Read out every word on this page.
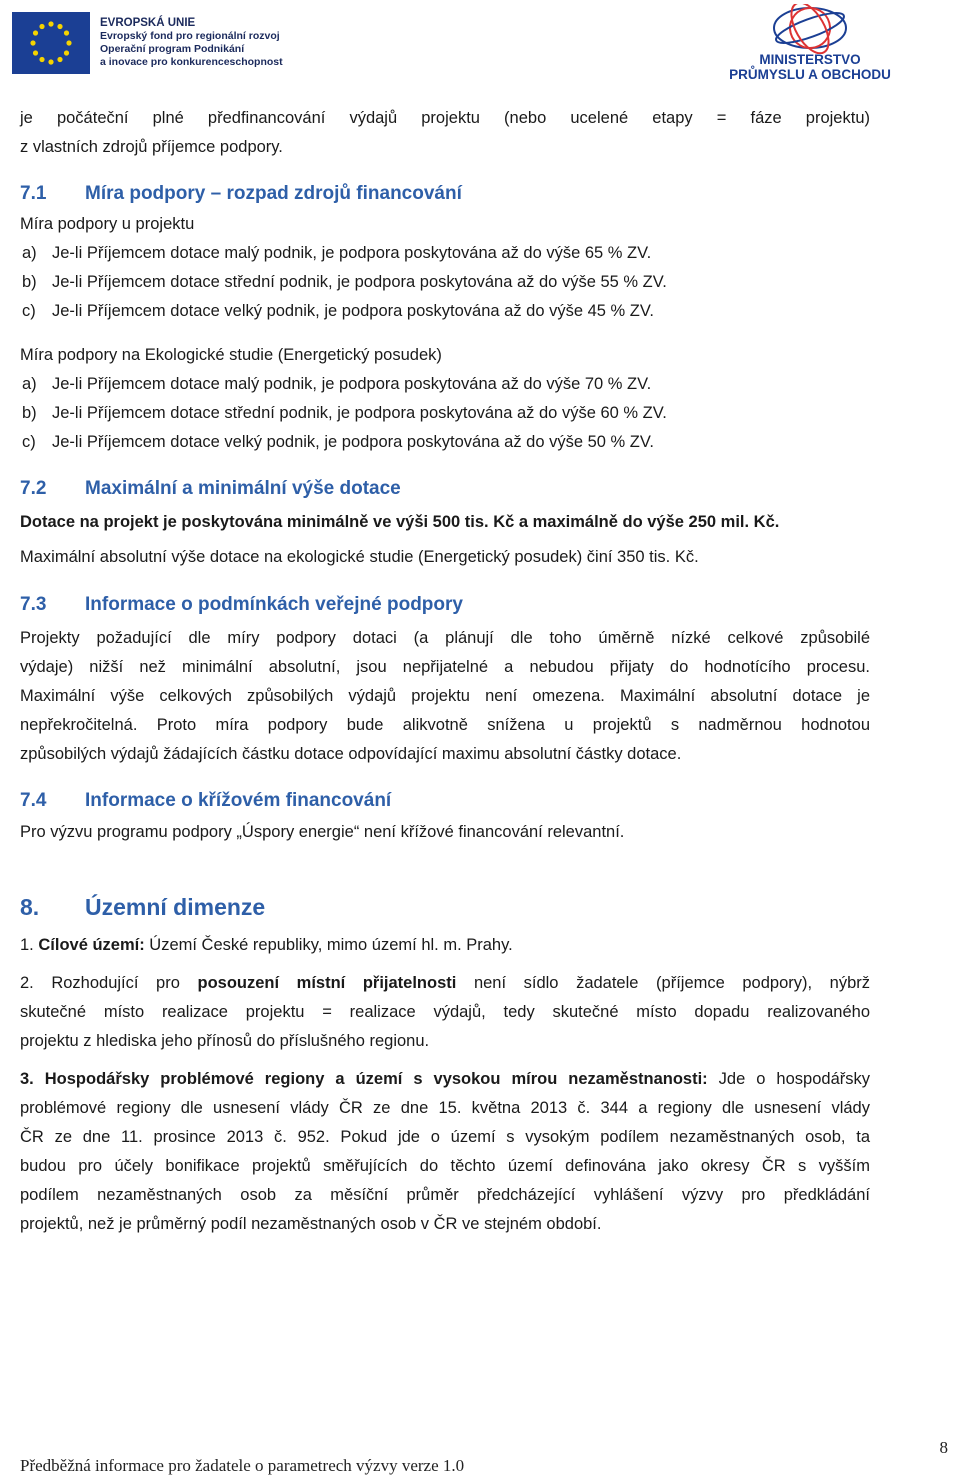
EVROPSKÁ UNIE
Evropský fond pro regionální rozvoj
Operační program Podnikání
a inovace pro konkurenceschopnost	MINISTERSTVO
PRŮMYSLU A OBCHODU

je počáteční plné předfinancování výdajů projektu (nebo ucelené etapy = fáze projektu)

z vlastních zdrojů příjemce podpory.

7.1	Míra podpory – rozpad zdrojů financování

Míra podpory u projektu

a) Je-li Příjemcem dotace malý podnik, je podpora poskytována až do výše 65 % ZV.
b) Je-li Příjemcem dotace střední podnik, je podpora poskytována až do výše 55 % ZV.
c) Je-li Příjemcem dotace velký podnik, je podpora poskytována až do výše 45 % ZV.

Míra podpory na Ekologické studie (Energetický posudek)

a) Je-li Příjemcem dotace malý podnik, je podpora poskytována až do výše 70 % ZV.
b) Je-li Příjemcem dotace střední podnik, je podpora poskytována až do výše 60 % ZV.
c) Je-li Příjemcem dotace velký podnik, je podpora poskytována až do výše 50 % ZV.
7.2	Maximální a minimální výše dotace

Dotace na projekt je poskytována minimálně ve výši 500 tis. Kč a maximálně do výše 250 mil. Kč.

Maximální absolutní výše dotace na ekologické studie (Energetický posudek) činí 350 tis. Kč.

7.3	Informace o podmínkách veřejné podpory

Projekty požadující dle míry podpory dotaci (a plánují dle toho úměrně nízké celkové způsobilé

výdaje) nižší než minimální absolutní, jsou nepřijatelné a nebudou přijaty do hodnotícího procesu.

Maximální výše celkových způsobilých výdajů projektu není omezena. Maximální absolutní dotace je

nepřekročitelná. Proto míra podpory bude alikvotně snížena u projektů s nadměrnou hodnotou

způsobilých výdajů žádajících částku dotace odpovídající maximu absolutní částky dotace.

7.4	Informace o křížovém financování

Pro výzvu programu podpory „Úspory energie“ není křížové financování relevantní.

8.	Územní dimenze

1. Cílové území: Území České republiky, mimo území hl. m. Prahy.

2. Rozhodující pro posouzení místní přijatelnosti není sídlo žadatele (příjemce podpory), nýbrž

skutečné místo realizace projektu = realizace výdajů, tedy skutečné místo dopadu realizovaného

projektu z hlediska jeho přínosů do příslušného regionu.

3. Hospodářsky problémové regiony a území s vysokou mírou nezaměstnanosti: Jde o hospodářsky

problémové regiony dle usnesení vlády ČR ze dne 15. května 2013 č. 344 a regiony dle usnesení vlády

ČR ze dne 11. prosince 2013 č. 952. Pokud jde o území s vysokým podílem nezaměstnaných osob, ta

budou pro účely bonifikace projektů směřujících do těchto území definována jako okresy ČR s vyšším

podílem nezaměstnaných osob za měsíční průměr předcházející vyhlášení výzvy pro předkládání

projektů, než je průměrný podíl nezaměstnaných osob v ČR ve stejném období.

8
Předběžná informace pro žadatele o parametrech výzvy verze 1.0
